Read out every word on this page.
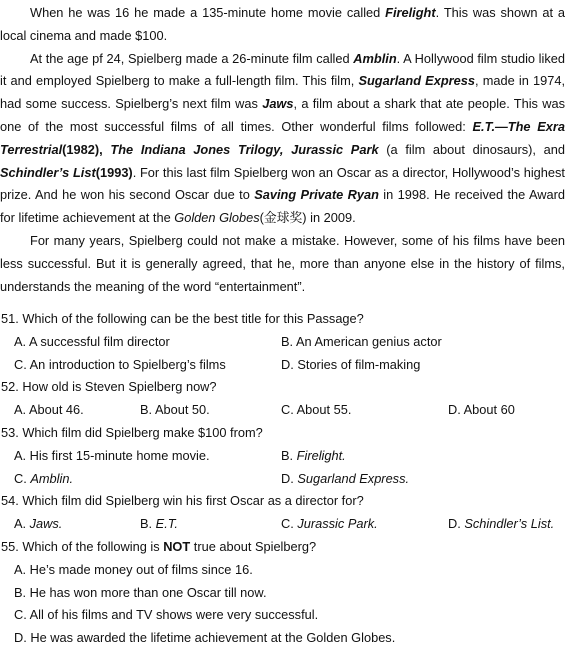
When he was 16 he made a 135-minute home movie called Firelight. This was shown at a local cinema and made $100.

At the age pf 24, Spielberg made a 26-minute film called Amblin. A Hollywood film studio liked it and employed Spielberg to make a full-length film. This film, Sugarland Express, made in 1974, had some success. Spielberg’s next film was Jaws, a film about a shark that ate people. This was one of the most successful films of all times. Other wonderful films followed: E.T.—The Exra Terrestrial(1982), The Indiana Jones Trilogy, Jurassic Park (a film about dinosaurs), and Schindler’s List(1993). For this last film Spielberg won an Oscar as a director, Hollywood’s highest prize. And he won his second Oscar due to Saving Private Ryan in 1998. He received the Award for lifetime achievement at the Golden Globes(金球奖) in 2009.

For many years, Spielberg could not make a mistake. However, some of his films have been less successful. But it is generally agreed, that he, more than anyone else in the history of films, understands the meaning of the word “entertainment”.

51. Which of the following can be the best title for this Passage?
A. A successful film director	B. An American genius actor
C. An introduction to Spielberg’s films	D. Stories of film-making
52. How old is Steven Spielberg now?
A. About 46.	B. About 50.	C. About 55.	D. About 60
53. Which film did Spielberg make $100 from?
A. His first 15-minute home movie.	B. Firelight.
C. Amblin.	D. Sugarland Express.
54. Which film did Spielberg win his first Oscar as a director for?
A. Jaws.	B. E.T.	C. Jurassic Park.	D. Schindler’s List.
55. Which of the following is NOT true about Spielberg?
A. He’s made money out of films since 16.
B. He has won more than one Oscar till now.
C. All of his films and TV shows were very successful.
D. He was awarded the lifetime achievement at the Golden Globes.
